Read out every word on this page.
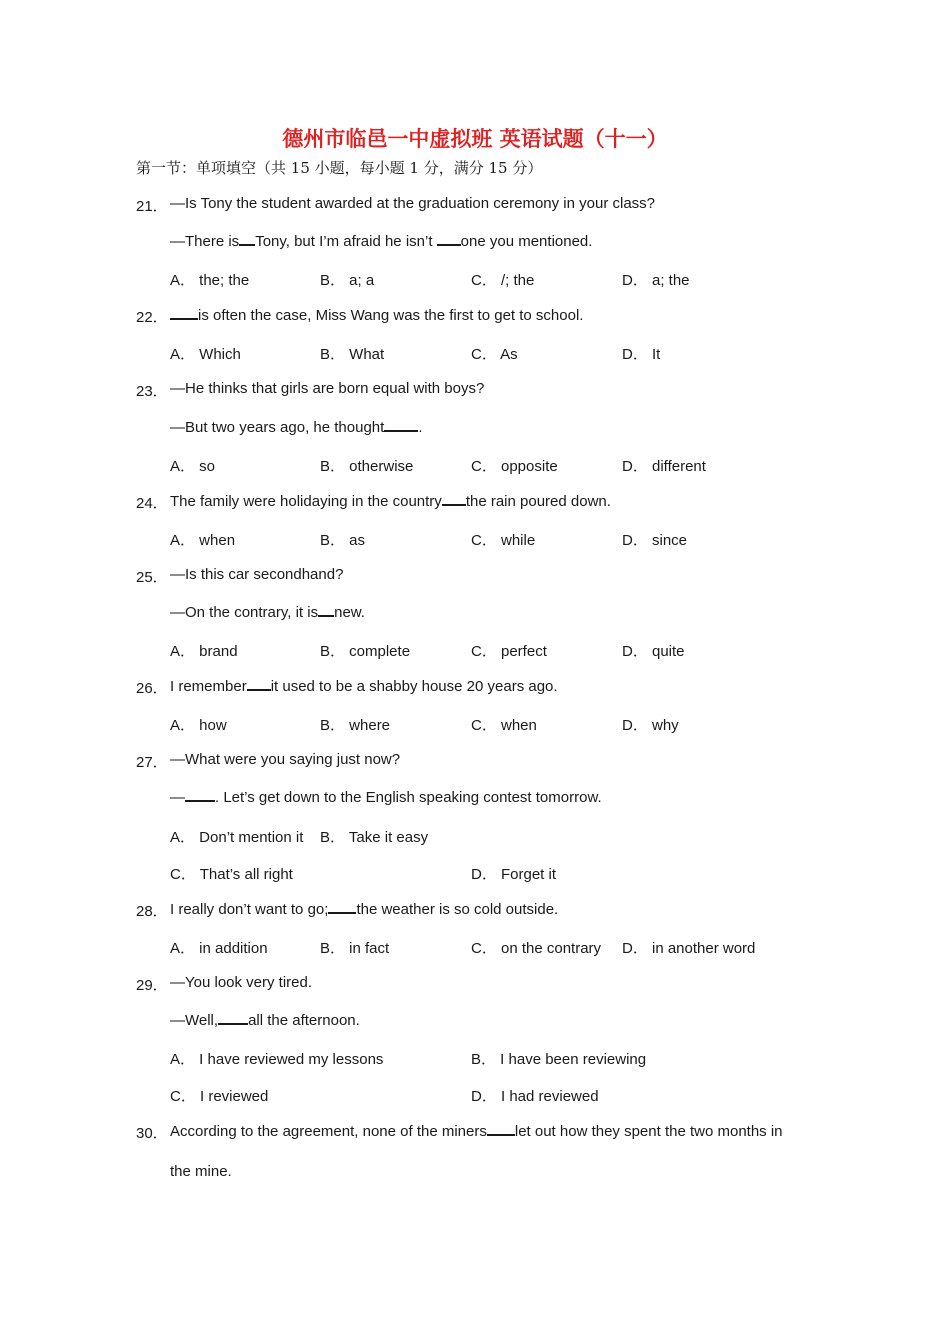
德州市临邑一中虚拟班 英语试题（十一）
第一节：单项填空（共 15 小题，每小题 1 分，满分 15 分）
21． —Is Tony the student awarded at the graduation ceremony in your class?
—There is Tony, but I’m afraid he isn’t one you mentioned.
A． the; the	B． a; a	C． /; the	D． a; the
22．	is often the case, Miss Wang was the first to get to school.
A． Which	B． What	C． As	D． It
23． —He thinks that girls are born equal with boys?
—But two years ago, he thought .
A． so	B． otherwise	C． opposite	D． different
24． The family were holidaying in the country the rain poured down.
A． when	B． as	C． while	D． since
25． —Is this car secondhand?
—On the contrary, it is new.
A． brand	B． complete	C． perfect	D． quite
26． I remember it used to be a shabby house 20 years ago.
A． how	B． where	C． when	D． why
27． —What were you saying just now?
— . Let’s get down to the English speaking contest tomorrow.
A． Don’t mention it B． Take it easy
C． That’s all right	D． Forget it
28． I really don’t want to go; the weather is so cold outside.
A． in addition	B． in fact	C． on the contrary D． in another word
29． —You look very tired.
—Well, all the afternoon.
A． I have reviewed my lessons	B． I have been reviewing
C． I reviewed	D． I had reviewed
30． According to the agreement, none of the miners let out how they spent the two months in
the mine.
